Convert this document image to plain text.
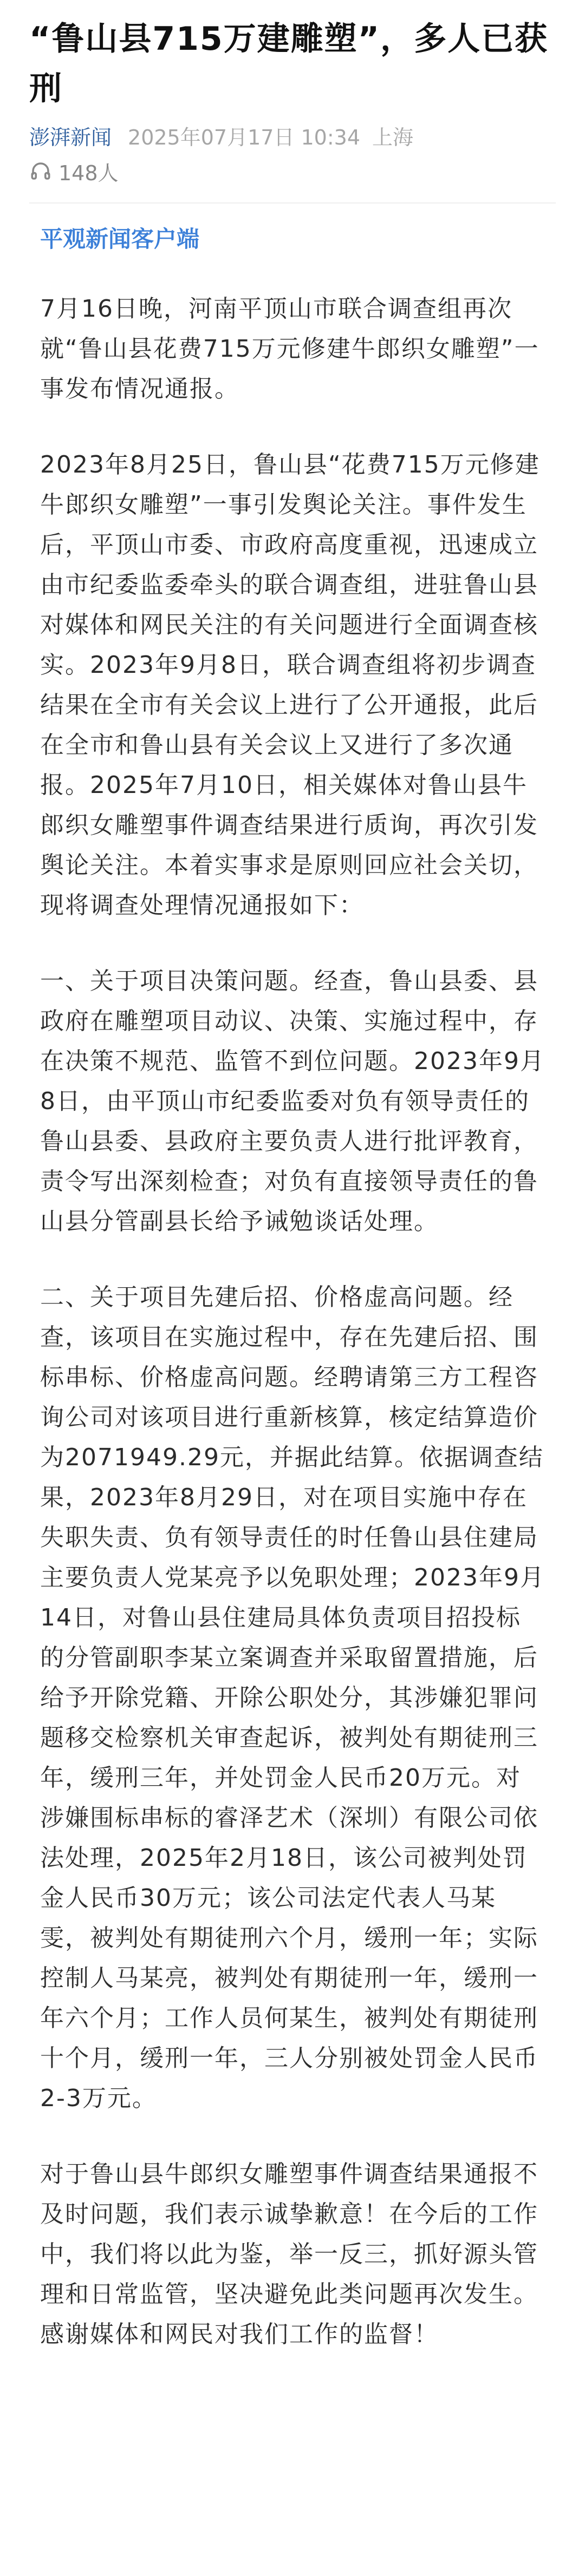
“鲁山县715万建雕塑”，多人已获刑
澎湃新闻 2025年07月17日 10:34 上海
148人
平观新闻客户端

7月16日晚，河南平顶山市联合调查组再次就“鲁山县花费715万元修建牛郎织女雕塑”一事发布情况通报。

2023年8月25日，鲁山县“花费715万元修建牛郎织女雕塑”一事引发舆论关注。事件发生后，平顶山市委、市政府高度重视，迅速成立由市纪委监委牵头的联合调查组，进驻鲁山县对媒体和网民关注的有关问题进行全面调查核实。2023年9月8日，联合调查组将初步调查结果在全市有关会议上进行了公开通报，此后在全市和鲁山县有关会议上又进行了多次通报。2025年7月10日，相关媒体对鲁山县牛郎织女雕塑事件调查结果进行质询，再次引发舆论关注。本着实事求是原则回应社会关切，现将调查处理情况通报如下：

一、关于项目决策问题。经查，鲁山县委、县政府在雕塑项目动议、决策、实施过程中，存在决策不规范、监管不到位问题。2023年9月8日，由平顶山市纪委监委对负有领导责任的鲁山县委、县政府主要负责人进行批评教育，责令写出深刻检查；对负有直接领导责任的鲁山县分管副县长给予诫勉谈话处理。

二、关于项目先建后招、价格虚高问题。经查，该项目在实施过程中，存在先建后招、围标串标、价格虚高问题。经聘请第三方工程咨询公司对该项目进行重新核算，核定结算造价为2071949.29元，并据此结算。依据调查结果，2023年8月29日，对在项目实施中存在失职失责、负有领导责任的时任鲁山县住建局主要负责人党某亮予以免职处理；2023年9月14日，对鲁山县住建局具体负责项目招投标的分管副职李某立案调查并采取留置措施，后给予开除党籍、开除公职处分，其涉嫌犯罪问题移交检察机关审查起诉，被判处有期徒刑三年，缓刑三年，并处罚金人民币20万元。对涉嫌围标串标的睿泽艺术（深圳）有限公司依法处理，2025年2月18日，该公司被判处罚金人民币30万元；该公司法定代表人马某雯，被判处有期徒刑六个月，缓刑一年；实际控制人马某亮，被判处有期徒刑一年，缓刑一年六个月；工作人员何某生，被判处有期徒刑十个月，缓刑一年，三人分别被处罚金人民币2-3万元。

对于鲁山县牛郎织女雕塑事件调查结果通报不及时问题，我们表示诚挚歉意！在今后的工作中，我们将以此为鉴，举一反三，抓好源头管理和日常监管，坚决避免此类问题再次发生。感谢媒体和网民对我们工作的监督！
